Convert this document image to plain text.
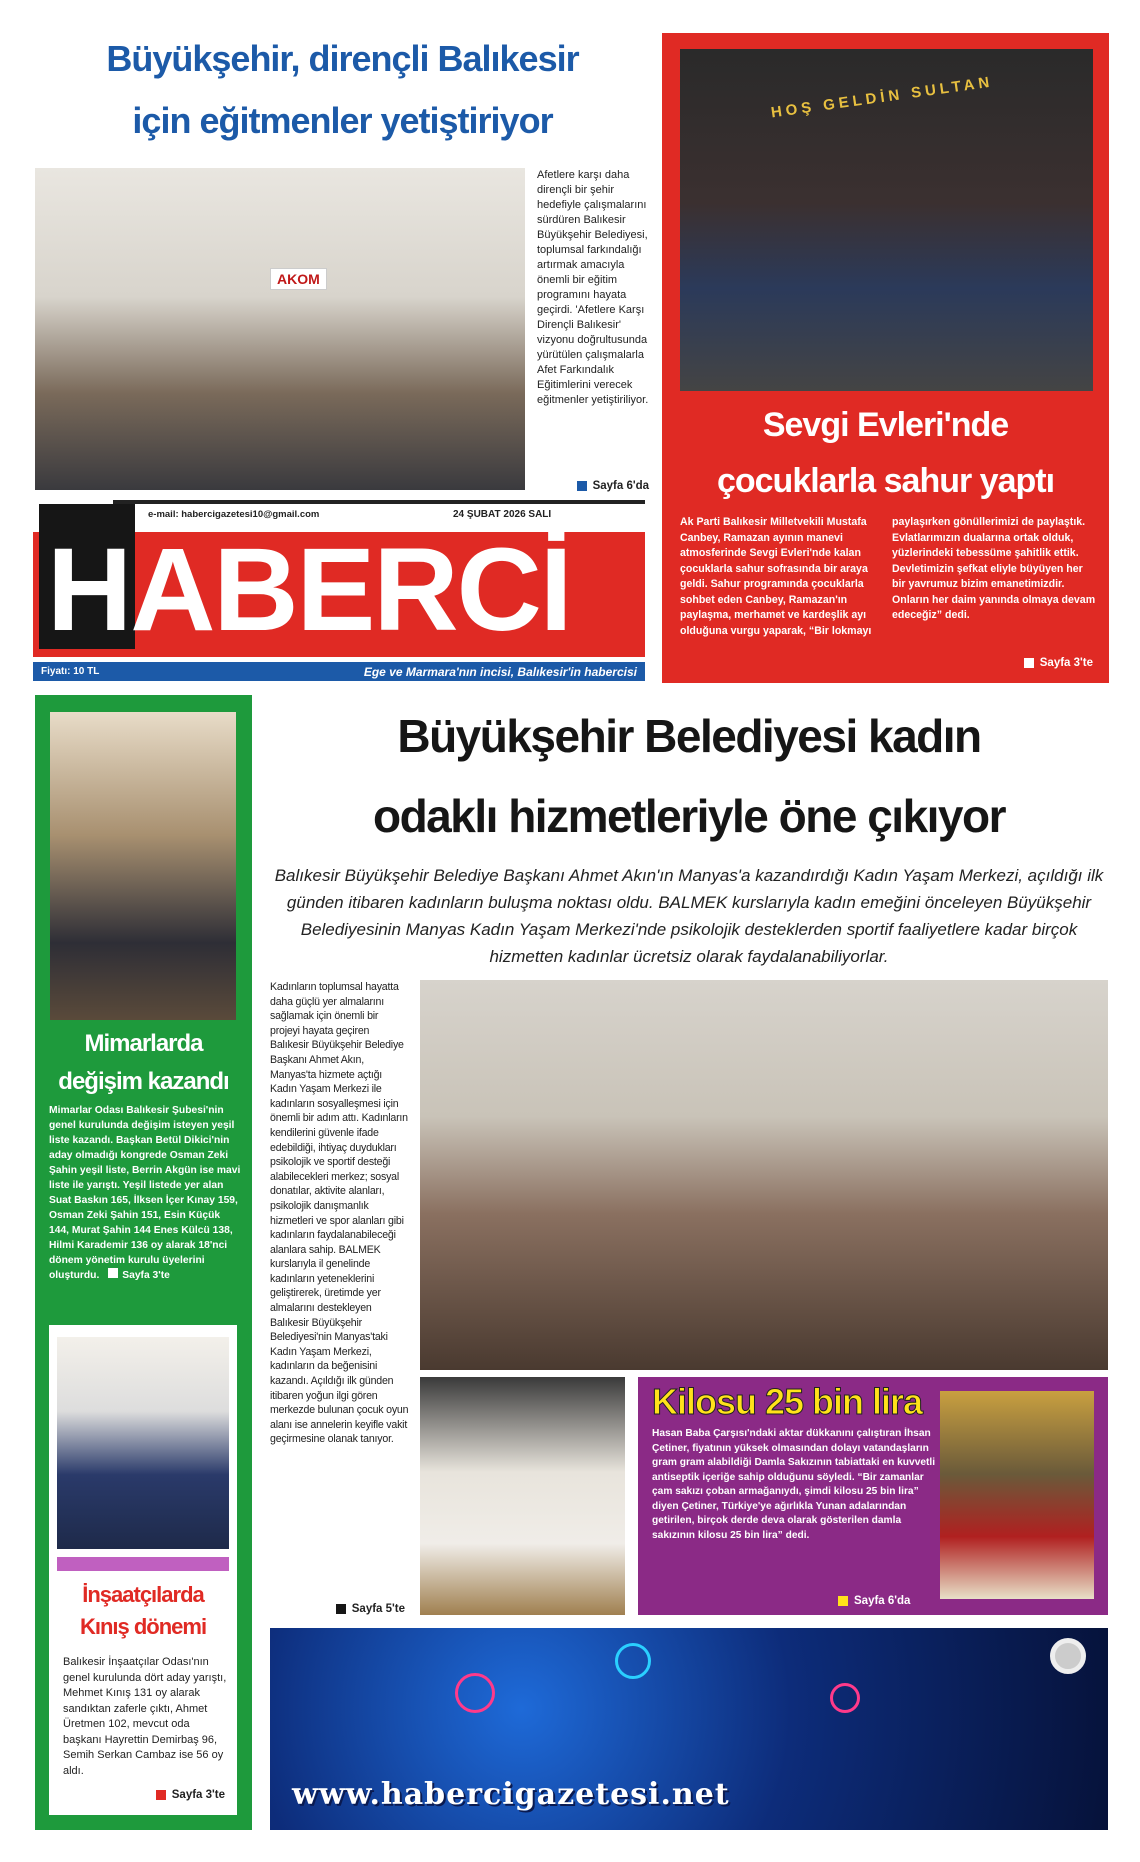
Büyükşehir, dirençli Balıkesir
için eğitmenler yetiştiriyor
AKOM
Afetlere karşı daha dirençli bir şehir hedefiyle çalışmalarını sürdüren Balıkesir Büyükşehir Belediyesi, toplumsal farkındalığı artırmak amacıyla önemli bir eğitim programını hayata geçirdi. 'Afetlere Karşı Dirençli Balıkesir' vizyonu doğrultusunda yürütülen çalışmalarla Afet Farkındalık Eğitimlerini verecek eğitmenler yetiştiriliyor.
Sayfa 6'da
HOŞ GELDİN SULTAN
Sevgi Evleri'nde
çocuklarla sahur yaptı
Ak Parti Balıkesir Milletvekili Mustafa Canbey, Ramazan ayının manevi atmosferinde Sevgi Evleri'nde kalan çocuklarla sahur sofrasında bir araya geldi. Sahur programında çocuklarla sohbet eden Canbey, Ramazan'ın paylaşma, merhamet ve kardeşlik ayı olduğuna vurgu yaparak, “Bir lokmayı
paylaşırken gönüllerimizi de paylaştık. Evlatlarımızın dualarına ortak olduk, yüzlerindeki tebessüme şahitlik ettik. Devletimizin şefkat eliyle büyüyen her bir yavrumuz bizim emanetimizdir. Onların her daim yanında olmaya devam edeceğiz” dedi.
Sayfa 3'te
HABERCİ
e-mail: habercigazetesi10@gmail.com	24 ŞUBAT 2026 SALI
Fiyatı: 10 TL	Ege ve Marmara'nın incisi, Balıkesir'in habercisi
Mimarlarda
değişim kazandı
Mimarlar Odası Balıkesir Şubesi'nin genel kurulunda değişim isteyen yeşil liste kazandı. Başkan Betül Dikici'nin aday olmadığı kongrede Osman Zeki Şahin yeşil liste, Berrin Akgün ise mavi liste ile yarıştı. Yeşil listede yer alan Suat Baskın 165, İlksen İçer Kınay 159, Osman Zeki Şahin 151, Esin Küçük 144, Murat Şahin 144 Enes Külcü 138, Hilmi Karademir 136 oy alarak 18'nci dönem yönetim kurulu üyelerini oluşturdu. Sayfa 3'te
İnşaatçılarda
Kınış dönemi
Balıkesir İnşaatçılar Odası'nın genel kurulunda dört aday yarıştı, Mehmet Kınış 131 oy alarak sandıktan zaferle çıktı, Ahmet Üretmen 102, mevcut oda başkanı Hayrettin Demirbaş 96, Semih Serkan Cambaz ise 56 oy aldı.
Sayfa 3'te
Büyükşehir Belediyesi kadın
odaklı hizmetleriyle öne çıkıyor
Balıkesir Büyükşehir Belediye Başkanı Ahmet Akın'ın Manyas'a kazandırdığı Kadın Yaşam Merkezi, açıldığı ilk günden itibaren kadınların buluşma noktası oldu. BALMEK kurslarıyla kadın emeğini önceleyen Büyükşehir Belediyesinin Manyas Kadın Yaşam Merkezi'nde psikolojik desteklerden sportif faaliyetlere kadar birçok hizmetten kadınlar ücretsiz olarak faydalanabiliyorlar.
Kadınların toplumsal hayatta daha güçlü yer almalarını sağlamak için önemli bir projeyi hayata geçiren Balıkesir Büyükşehir Belediye Başkanı Ahmet Akın, Manyas'ta hizmete açtığı Kadın Yaşam Merkezi ile kadınların sosyalleşmesi için önemli bir adım attı. Kadınların kendilerini güvenle ifade edebildiği, ihtiyaç duydukları psikolojik ve sportif desteği alabilecekleri merkez; sosyal donatılar, aktivite alanları, psikolojik danışmanlık hizmetleri ve spor alanları gibi kadınların faydalanabileceği alanlara sahip. BALMEK kurslarıyla il genelinde kadınların yeteneklerini geliştirerek, üretimde yer almalarını destekleyen Balıkesir Büyükşehir Belediyesi'nin Manyas'taki Kadın Yaşam Merkezi, kadınların da beğenisini kazandı. Açıldığı ilk günden itibaren yoğun ilgi gören merkezde bulunan çocuk oyun alanı ise annelerin keyifle vakit geçirmesine olanak tanıyor.
Sayfa 5'te
Kilosu 25 bin lira
Hasan Baba Çarşısı'ndaki aktar dükkanını çalıştıran İhsan Çetiner, fiyatının yüksek olmasından dolayı vatandaşların gram gram alabildiği Damla Sakızının tabiattaki en kuvvetli antiseptik içeriğe sahip olduğunu söyledi. “Bir zamanlar çam sakızı çoban armağanıydı, şimdi kilosu 25 bin lira” diyen Çetiner, Türkiye'ye ağırlıkla Yunan adalarından getirilen, birçok derde deva olarak gösterilen damla sakızının kilosu 25 bin lira” dedi.
Sayfa 6'da
www.habercigazetesi.net
